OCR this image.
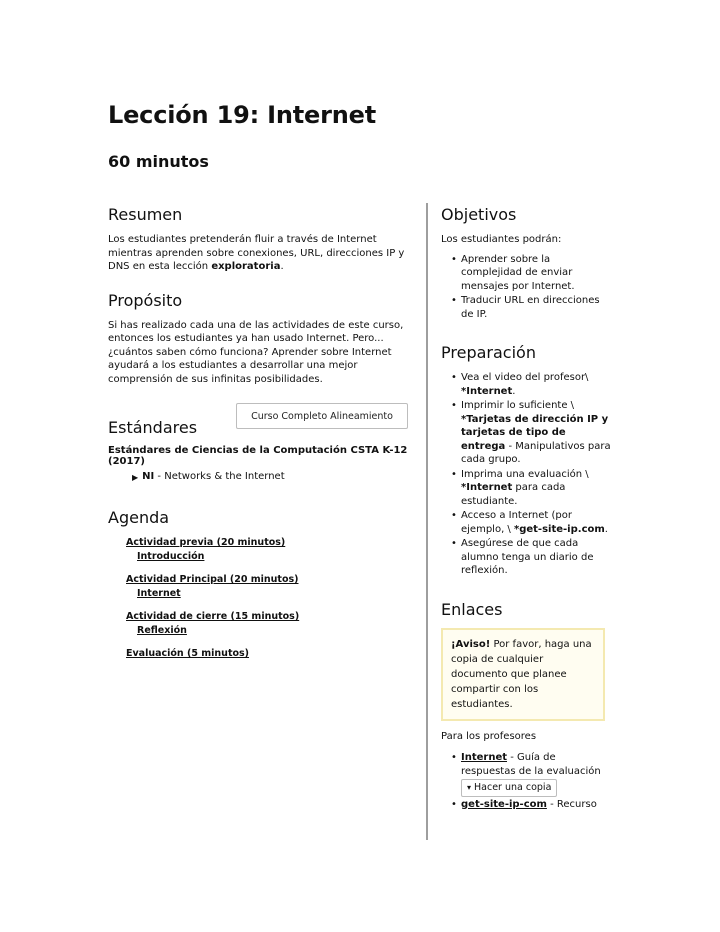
Lección 19: Internet
60 minutos
Resumen

Los estudiantes pretenderán fluir a través de Internet mientras aprenden sobre conexiones, URL, direcciones IP y DNS en esta lección exploratoria.

Propósito

Si has realizado cada una de las actividades de este curso, entonces los estudiantes ya han usado Internet. Pero... ¿cuántos saben cómo funciona? Aprender sobre Internet ayudará a los estudiantes a desarrollar una mejor comprensión de sus infinitas posibilidades.

Estándares
Curso Completo Alineamiento
Estándares de Ciencias de la Computación CSTA K-12 (2017)
▶ NI - Networks & the Internet
Agenda
Actividad previa (20 minutos)
Introducción
Actividad Principal (20 minutos)
Internet
Actividad de cierre (15 minutos)
Reflexión
Evaluación (5 minutos)
Objetivos

Los estudiantes podrán:

• Aprender sobre la complejidad de enviar mensajes por Internet.
• Traducir URL en direcciones de IP.
Preparación
• Vea el video del profesor\ *Internet.
• Imprimir lo suficiente \ *Tarjetas de dirección IP y tarjetas de tipo de entrega - Manipulativos para cada grupo.
• Imprima una evaluación \ *Internet para cada estudiante.
• Acceso a Internet (por ejemplo, \ *get-site-ip.com.
• Asegúrese de que cada alumno tenga un diario de reflexión.
Enlaces

¡Aviso! Por favor, haga una copia de cualquier documento que planee compartir con los estudiantes.

Para los profesores

• Internet - Guía de respuestas de la evaluación

▾ Hacer una copia
• get-site-ip-com - Recurso
